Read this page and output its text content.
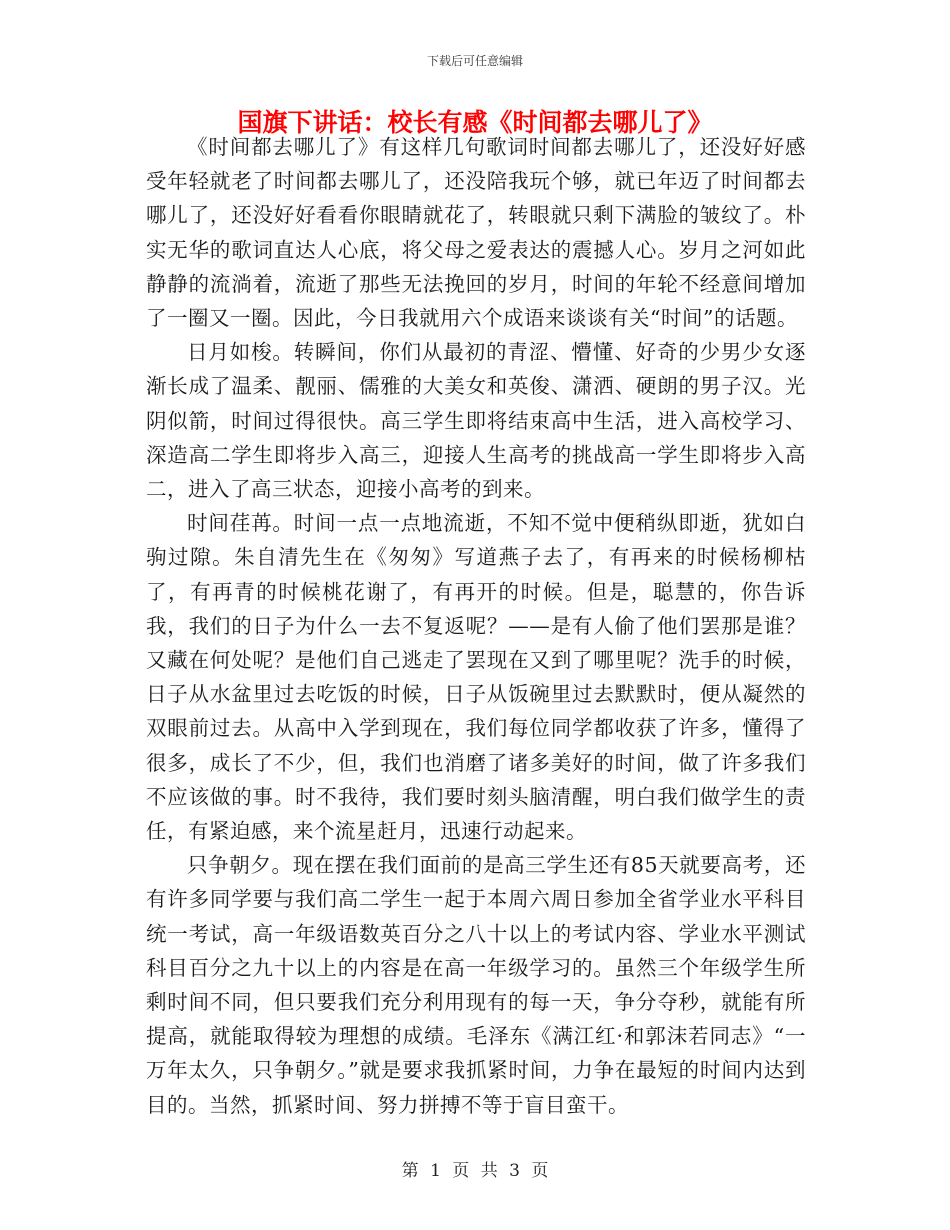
下载后可任意编辑
国旗下讲话：校长有感《时间都去哪儿了》

《时间都去哪儿了》有这样几句歌词时间都去哪儿了，还没好好感受年轻就老了时间都去哪儿了，还没陪我玩个够，就已年迈了时间都去哪儿了，还没好好看看你眼睛就花了，转眼就只剩下满脸的皱纹了。朴实无华的歌词直达人心底，将父母之爱表达的震撼人心。岁月之河如此静静的流淌着，流逝了那些无法挽回的岁月，时间的年轮不经意间增加了一圈又一圈。因此，今日我就用六个成语来谈谈有关“时间”的话题。

日月如梭。转瞬间，你们从最初的青涩、懵懂、好奇的少男少女逐渐长成了温柔、靓丽、儒雅的大美女和英俊、潇洒、硬朗的男子汉。光阴似箭，时间过得很快。高三学生即将结束高中生活，进入高校学习、深造高二学生即将步入高三，迎接人生高考的挑战高一学生即将步入高二，进入了高三状态，迎接小高考的到来。

时间荏苒。时间一点一点地流逝，不知不觉中便稍纵即逝，犹如白驹过隙。朱自清先生在《匆匆》写道燕子去了，有再来的时候杨柳枯了，有再青的时候桃花谢了，有再开的时候。但是，聪慧的，你告诉我，我们的日子为什么一去不复返呢？——是有人偷了他们罢那是谁？又藏在何处呢？是他们自己逃走了罢现在又到了哪里呢？洗手的时候，日子从水盆里过去吃饭的时候，日子从饭碗里过去默默时，便从凝然的双眼前过去。从高中入学到现在，我们每位同学都收获了许多，懂得了很多，成长了不少，但，我们也消磨了诸多美好的时间，做了许多我们不应该做的事。时不我待，我们要时刻头脑清醒，明白我们做学生的责任，有紧迫感，来个流星赶月，迅速行动起来。

只争朝夕。现在摆在我们面前的是高三学生还有85天就要高考，还有许多同学要与我们高二学生一起于本周六周日参加全省学业水平科目统一考试，高一年级语数英百分之八十以上的考试内容、学业水平测试科目百分之九十以上的内容是在高一年级学习的。虽然三个年级学生所剩时间不同，但只要我们充分利用现有的每一天，争分夺秒，就能有所提高，就能取得较为理想的成绩。毛泽东《满江红·和郭沫若同志》“一万年太久，只争朝夕。”就是要求我抓紧时间，力争在最短的时间内达到目的。当然，抓紧时间、努力拼搏不等于盲目蛮干。

第 1 页 共 3 页
